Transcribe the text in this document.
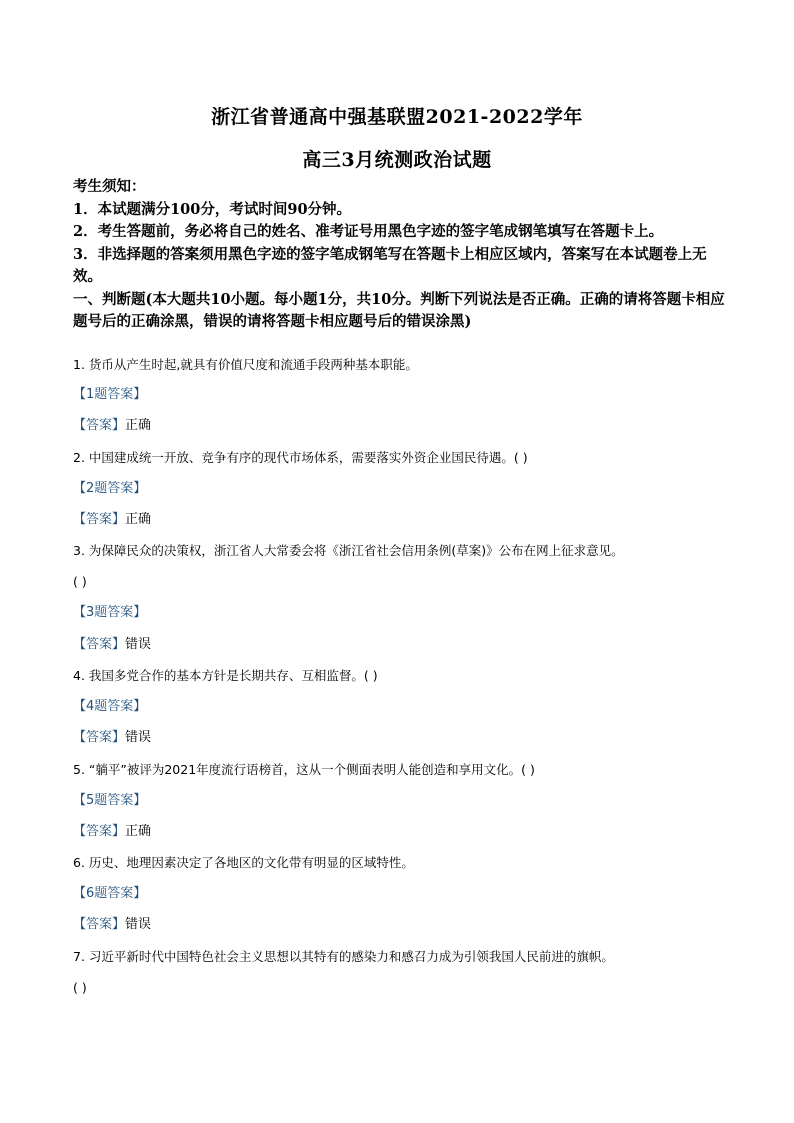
浙江省普通高中强基联盟2021-2022学年
高三3月统测政治试题

考生须知：

1．本试题满分100分，考试时间90分钟。

2．考生答题前，务必将自己的姓名、准考证号用黑色字迹的签字笔成钢笔填写在答题卡上。

3．非选择题的答案须用黑色字迹的签字笔成钢笔写在答题卡上相应区域内，答案写在本试题卷上无效。

一、判断题(本大题共10小题。每小题1分，共10分。判断下列说法是否正确。正确的请将答题卡相应题号后的正确涂黑，错误的请将答题卡相应题号后的错误涂黑)

1. 货币从产生时起,就具有价值尺度和流通手段两种基本职能。
【1题答案】
【答案】正确
2. 中国建成统一开放、竞争有序的现代市场体系，需要落实外资企业国民待遇。( )
【2题答案】
【答案】正确
3. 为保障民众的决策权，浙江省人大常委会将《浙江省社会信用条例(草案)》公布在网上征求意见。
( )
【3题答案】
【答案】错误
4. 我国多党合作的基本方针是长期共存、互相监督。( )
【4题答案】
【答案】错误
5. “躺平”被评为2021年度流行语榜首，这从一个侧面表明人能创造和享用文化。( )
【5题答案】
【答案】正确
6. 历史、地理因素决定了各地区的文化带有明显的区域特性。
【6题答案】
【答案】错误
7. 习近平新时代中国特色社会主义思想以其特有的感染力和感召力成为引领我国人民前进的旗帜。
( )
